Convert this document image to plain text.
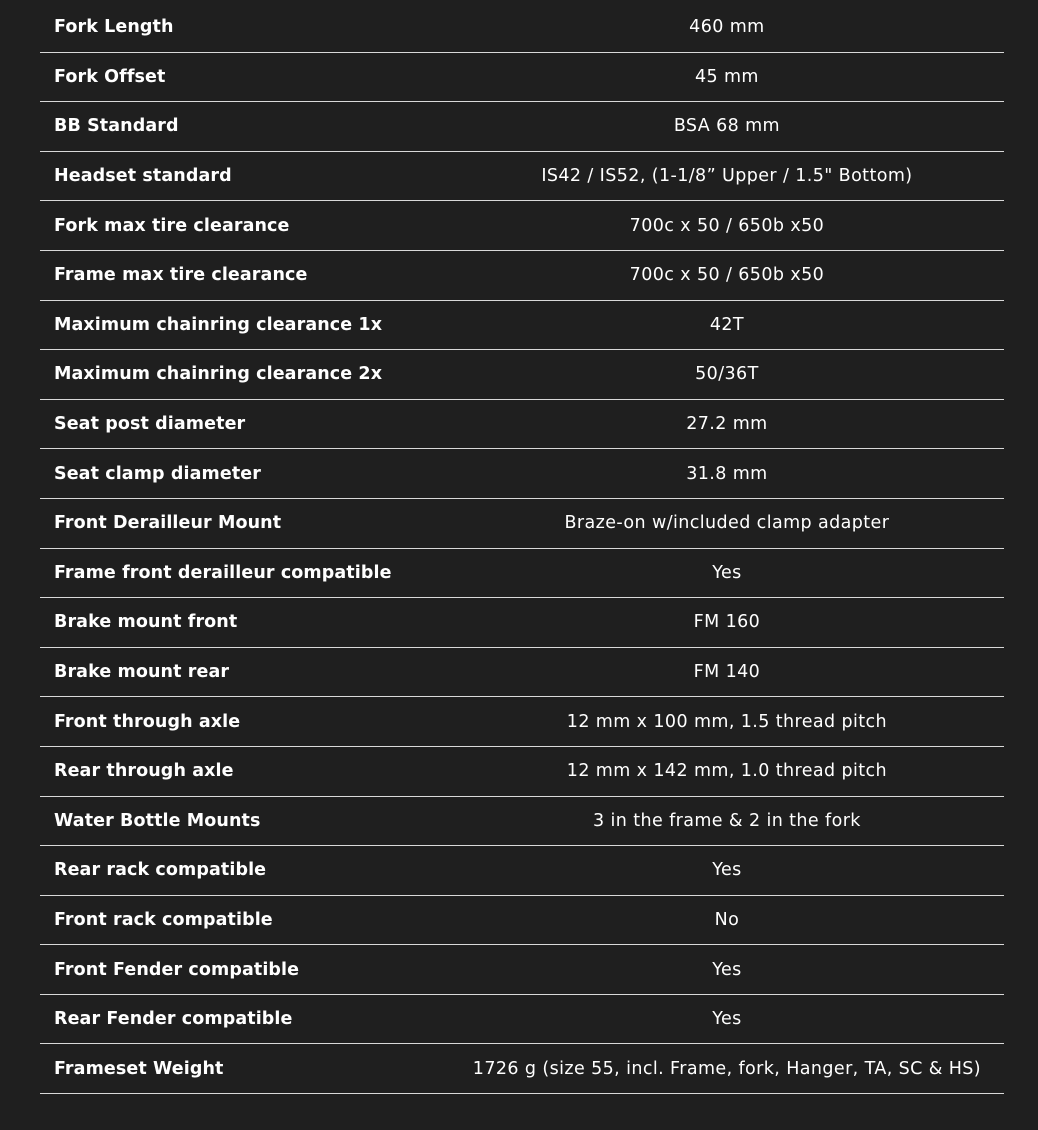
Fork Length	460 mm
Fork Offset	45 mm
BB Standard	BSA 68 mm
Headset standard	IS42 / IS52, (1-1/8” Upper / 1.5" Bottom)
Fork max tire clearance	700c x 50 / 650b x50
Frame max tire clearance	700c x 50 / 650b x50
Maximum chainring clearance 1x	42T
Maximum chainring clearance 2x	50/36T
Seat post diameter	27.2 mm
Seat clamp diameter	31.8 mm
Front Derailleur Mount	Braze-on w/included clamp adapter
Frame front derailleur compatible	Yes
Brake mount front	FM 160
Brake mount rear	FM 140
Front through axle	12 mm x 100 mm, 1.5 thread pitch
Rear through axle	12 mm x 142 mm, 1.0 thread pitch
Water Bottle Mounts	3 in the frame & 2 in the fork
Rear rack compatible	Yes
Front rack compatible	No
Front Fender compatible	Yes
Rear Fender compatible	Yes
Frameset Weight	1726 g (size 55, incl. Frame, fork, Hanger, TA, SC & HS)
